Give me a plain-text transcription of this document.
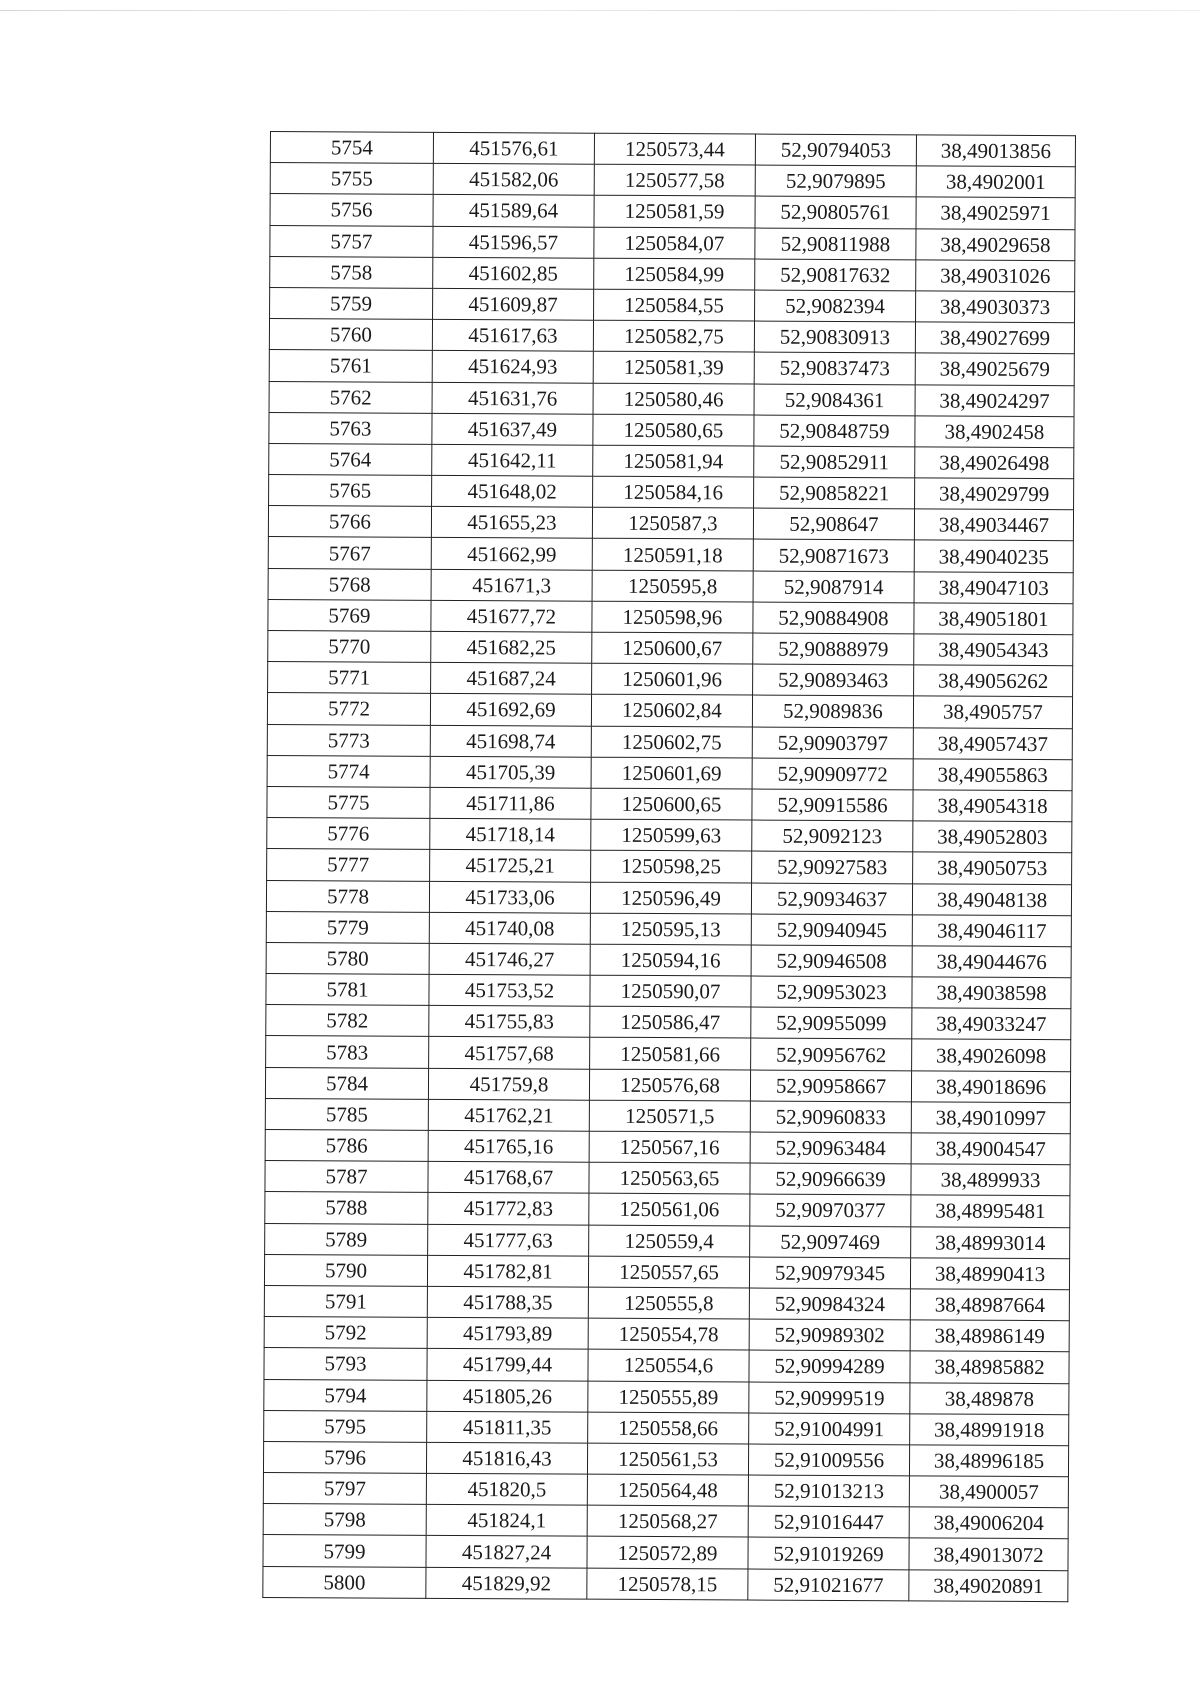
5754	451576,61	1250573,44	52,90794053	38,49013856
5755	451582,06	1250577,58	52,9079895	38,4902001
5756	451589,64	1250581,59	52,90805761	38,49025971
5757	451596,57	1250584,07	52,90811988	38,49029658
5758	451602,85	1250584,99	52,90817632	38,49031026
5759	451609,87	1250584,55	52,9082394	38,49030373
5760	451617,63	1250582,75	52,90830913	38,49027699
5761	451624,93	1250581,39	52,90837473	38,49025679
5762	451631,76	1250580,46	52,9084361	38,49024297
5763	451637,49	1250580,65	52,90848759	38,4902458
5764	451642,11	1250581,94	52,90852911	38,49026498
5765	451648,02	1250584,16	52,90858221	38,49029799
5766	451655,23	1250587,3	52,908647	38,49034467
5767	451662,99	1250591,18	52,90871673	38,49040235
5768	451671,3	1250595,8	52,9087914	38,49047103
5769	451677,72	1250598,96	52,90884908	38,49051801
5770	451682,25	1250600,67	52,90888979	38,49054343
5771	451687,24	1250601,96	52,90893463	38,49056262
5772	451692,69	1250602,84	52,9089836	38,4905757
5773	451698,74	1250602,75	52,90903797	38,49057437
5774	451705,39	1250601,69	52,90909772	38,49055863
5775	451711,86	1250600,65	52,90915586	38,49054318
5776	451718,14	1250599,63	52,9092123	38,49052803
5777	451725,21	1250598,25	52,90927583	38,49050753
5778	451733,06	1250596,49	52,90934637	38,49048138
5779	451740,08	1250595,13	52,90940945	38,49046117
5780	451746,27	1250594,16	52,90946508	38,49044676
5781	451753,52	1250590,07	52,90953023	38,49038598
5782	451755,83	1250586,47	52,90955099	38,49033247
5783	451757,68	1250581,66	52,90956762	38,49026098
5784	451759,8	1250576,68	52,90958667	38,49018696
5785	451762,21	1250571,5	52,90960833	38,49010997
5786	451765,16	1250567,16	52,90963484	38,49004547
5787	451768,67	1250563,65	52,90966639	38,4899933
5788	451772,83	1250561,06	52,90970377	38,48995481
5789	451777,63	1250559,4	52,9097469	38,48993014
5790	451782,81	1250557,65	52,90979345	38,48990413
5791	451788,35	1250555,8	52,90984324	38,48987664
5792	451793,89	1250554,78	52,90989302	38,48986149
5793	451799,44	1250554,6	52,90994289	38,48985882
5794	451805,26	1250555,89	52,90999519	38,489878
5795	451811,35	1250558,66	52,91004991	38,48991918
5796	451816,43	1250561,53	52,91009556	38,48996185
5797	451820,5	1250564,48	52,91013213	38,4900057
5798	451824,1	1250568,27	52,91016447	38,49006204
5799	451827,24	1250572,89	52,91019269	38,49013072
5800	451829,92	1250578,15	52,91021677	38,49020891
